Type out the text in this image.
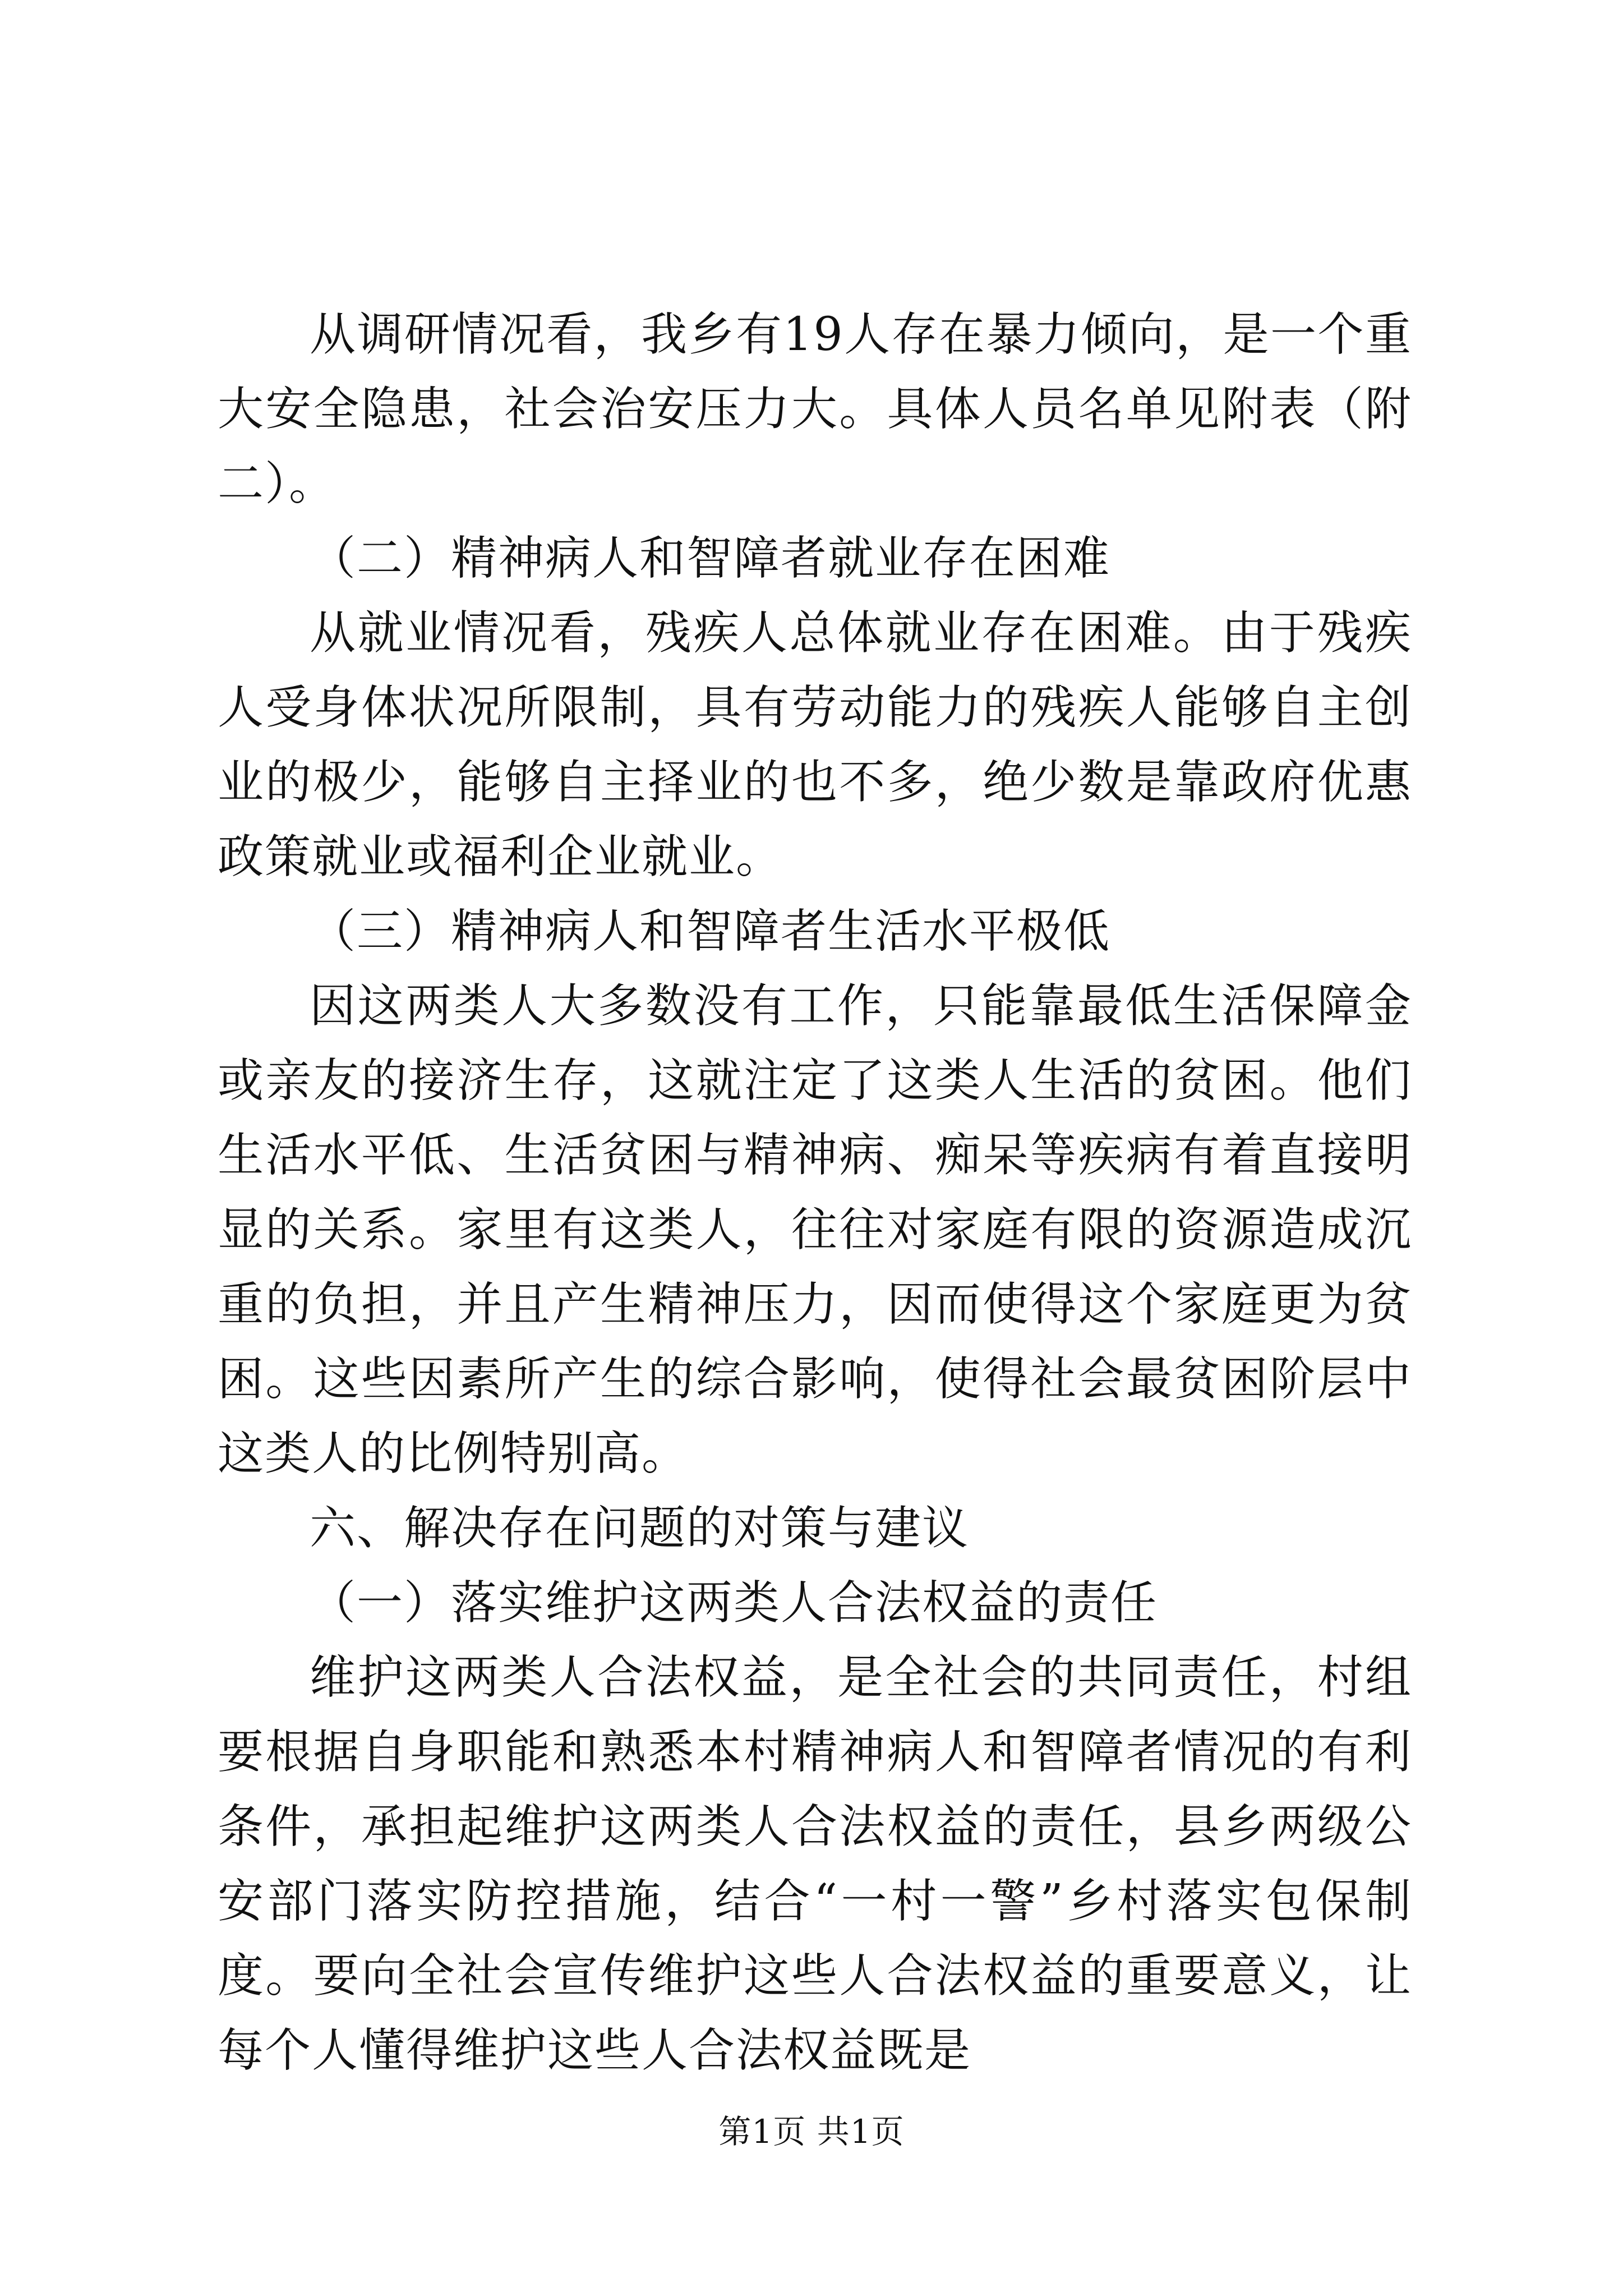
从调研情况看，我乡有19人存在暴力倾向，是一个重大安全隐患，社会治安压力大。具体人员名单见附表（附二）。

（二）精神病人和智障者就业存在困难

从就业情况看，残疾人总体就业存在困难。由于残疾人受身体状况所限制，具有劳动能力的残疾人能够自主创业的极少，能够自主择业的也不多，绝少数是靠政府优惠政策就业或福利企业就业。

（三）精神病人和智障者生活水平极低

因这两类人大多数没有工作，只能靠最低生活保障金或亲友的接济生存，这就注定了这类人生活的贫困。他们生活水平低、生活贫困与精神病、痴呆等疾病有着直接明显的关系。家里有这类人，往往对家庭有限的资源造成沉重的负担，并且产生精神压力，因而使得这个家庭更为贫困。这些因素所产生的综合影响，使得社会最贫困阶层中这类人的比例特别高。

六、解决存在问题的对策与建议

（一）落实维护这两类人合法权益的责任

维护这两类人合法权益，是全社会的共同责任，村组要根据自身职能和熟悉本村精神病人和智障者情况的有利条件，承担起维护这两类人合法权益的责任，县乡两级公安部门落实防控措施，结合“一村一警”乡村落实包保制度。要向全社会宣传维护这些人合法权益的重要意义，让每个人懂得维护这些人合法权益既是

第1页 共1页
